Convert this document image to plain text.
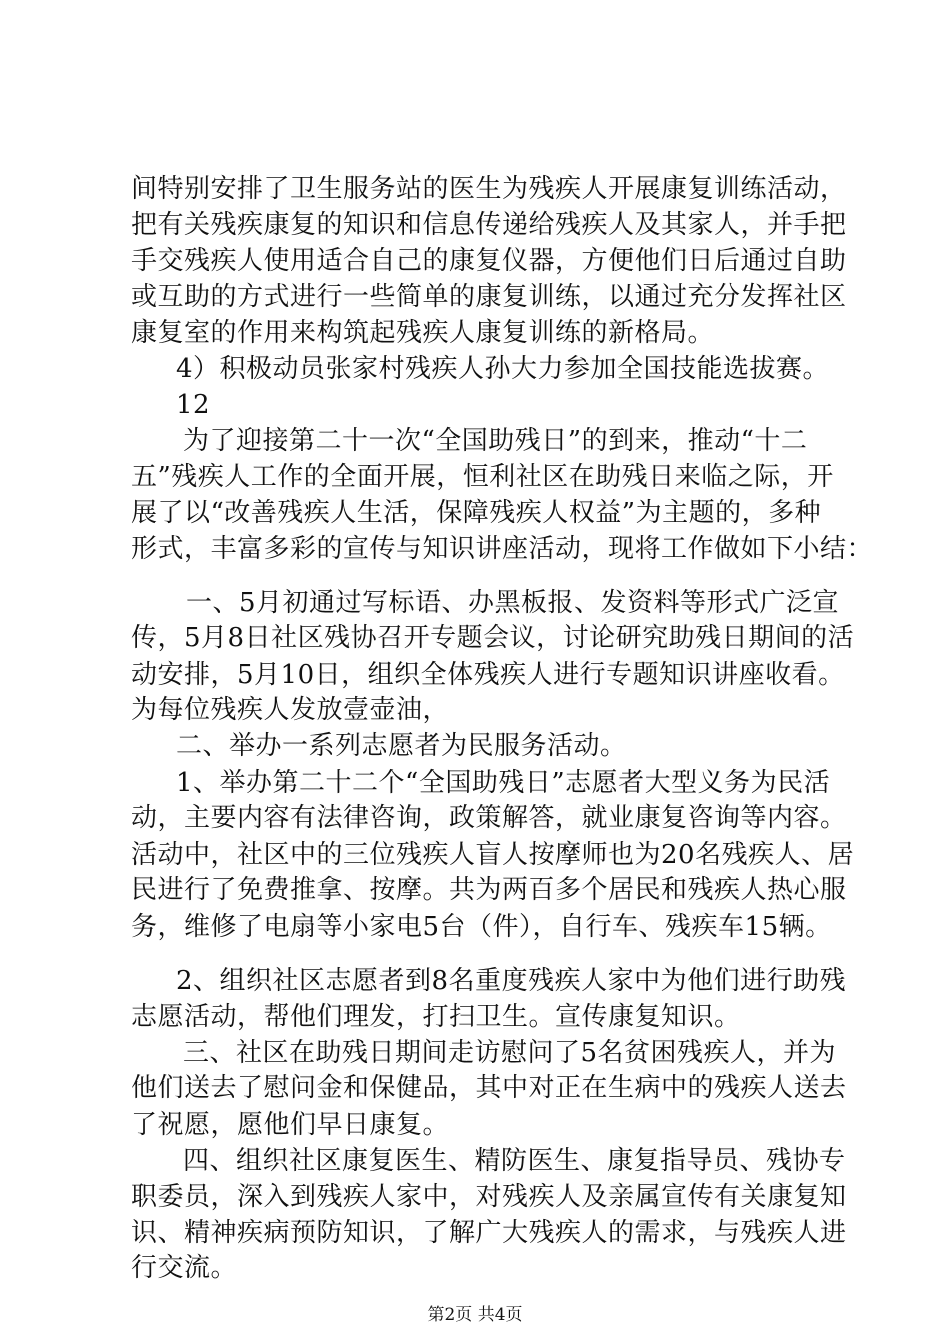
间特别安排了卫生服务站的医生为残疾人开展康复训练活动，
把有关残疾康复的知识和信息传递给残疾人及其家人，并手把
手交残疾人使用适合自己的康复仪器，方便他们日后通过自助
或互助的方式进行一些简单的康复训练，以通过充分发挥社区
康复室的作用来构筑起残疾人康复训练的新格局。
4）积极动员张家村残疾人孙大力参加全国技能选拔赛。
12
为了迎接第二十一次“全国助残日”的到来，推动“十二
五”残疾人工作的全面开展，恒利社区在助残日来临之际，开
展了以“改善残疾人生活，保障残疾人权益”为主题的，多种
形式，丰富多彩的宣传与知识讲座活动，现将工作做如下小结：
一、5月初通过写标语、办黑板报、发资料等形式广泛宣
传，5月8日社区残协召开专题会议，讨论研究助残日期间的活
动安排，5月10日，组织全体残疾人进行专题知识讲座收看。
为每位残疾人发放壹壶油，
二、举办一系列志愿者为民服务活动。
1、举办第二十二个“全国助残日”志愿者大型义务为民活
动，主要内容有法律咨询，政策解答，就业康复咨询等内容。
活动中，社区中的三位残疾人盲人按摩师也为20名残疾人、居
民进行了免费推拿、按摩。共为两百多个居民和残疾人热心服
务，维修了电扇等小家电5台（件），自行车、残疾车15辆。
2、组织社区志愿者到8名重度残疾人家中为他们进行助残
志愿活动，帮他们理发，打扫卫生。宣传康复知识。
三、社区在助残日期间走访慰问了5名贫困残疾人，并为
他们送去了慰问金和保健品，其中对正在生病中的残疾人送去
了祝愿，愿他们早日康复。
四、组织社区康复医生、精防医生、康复指导员、残协专
职委员，深入到残疾人家中，对残疾人及亲属宣传有关康复知
识、精神疾病预防知识，了解广大残疾人的需求，与残疾人进
行交流。
第2页 共4页
